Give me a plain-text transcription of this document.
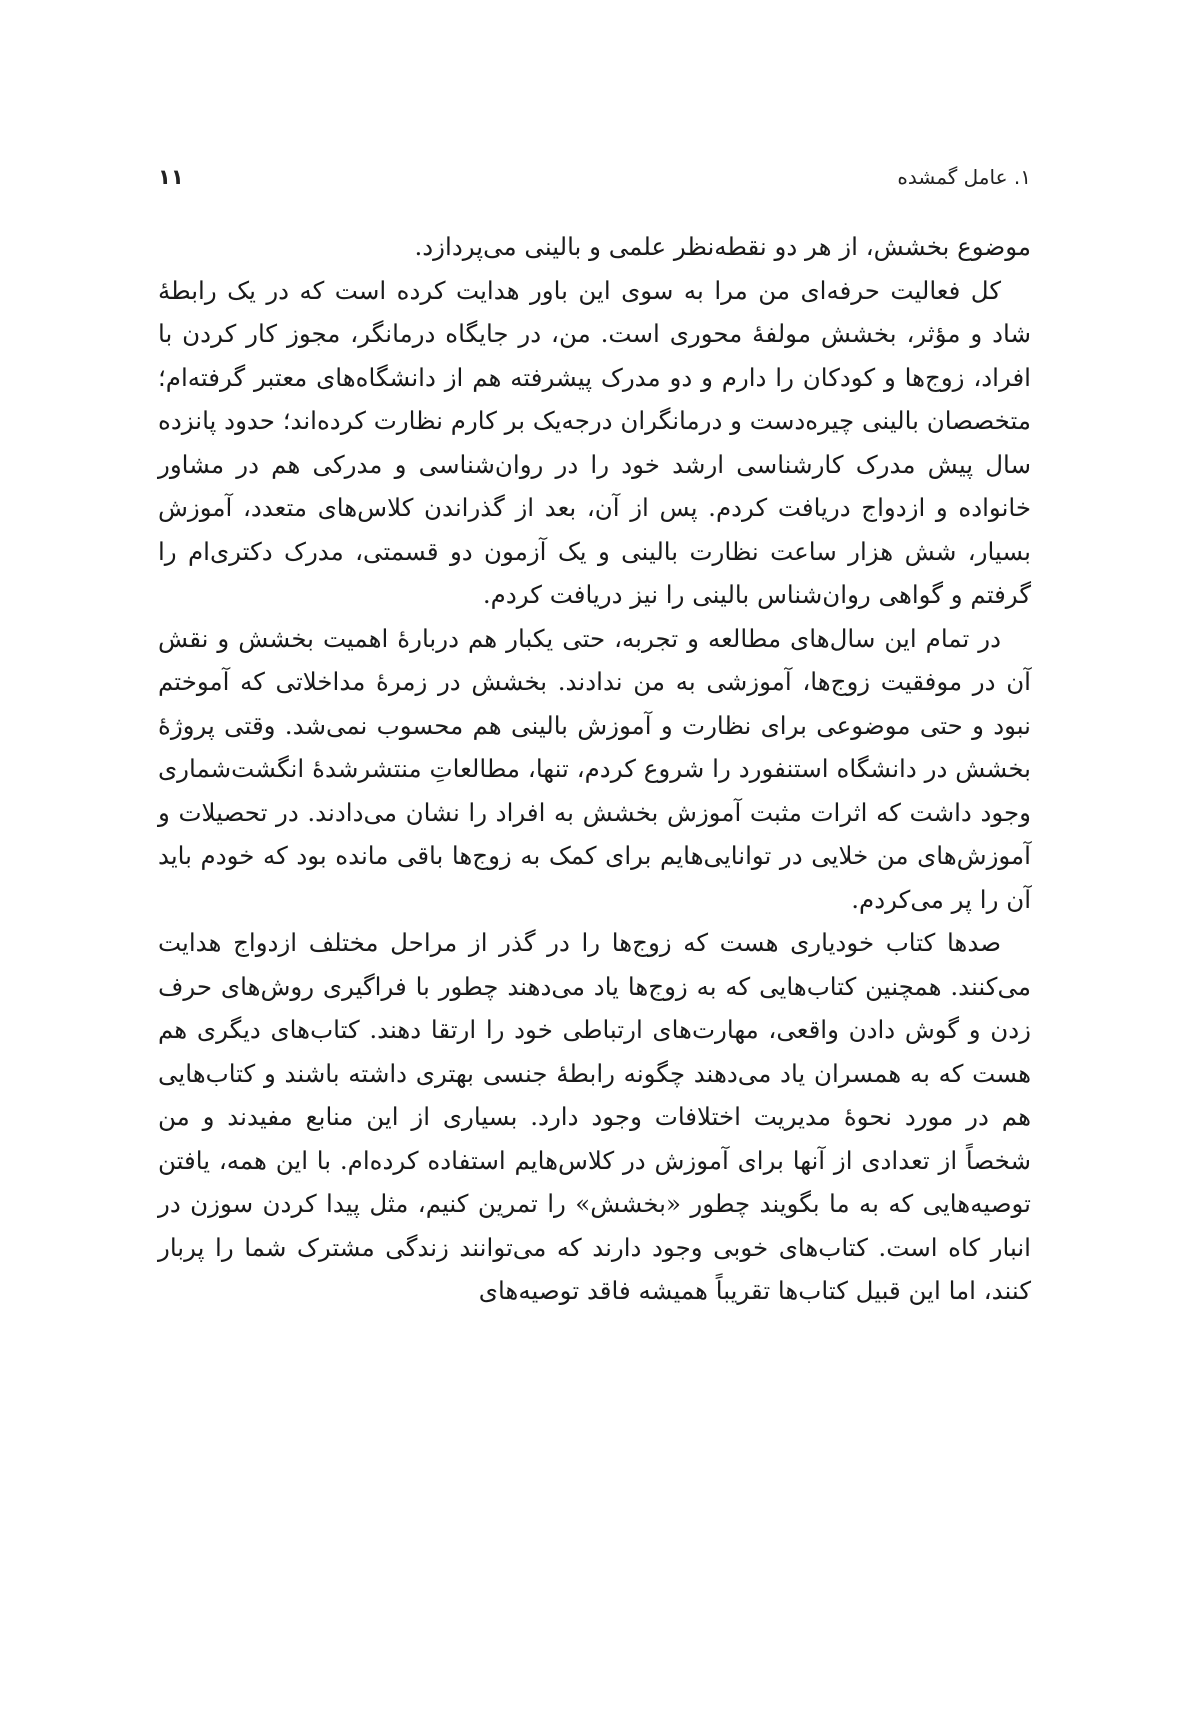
۱. عامل گمشده
۱۱

موضوع بخشش، از هر دو نقطه‌نظر علمی و بالینی می‌پردازد.

کل فعالیت حرفه‌ای من مرا به سوی این باور هدایت کرده است که در یک رابطهٔ شاد و مؤثر، بخشش مولفهٔ محوری است. من، در جایگاه درمانگر، مجوز کار کردن با افراد، زوج‌ها و کودکان را دارم و دو مدرک پیشرفته هم از دانشگاه‌های معتبر گرفته‌ام؛ متخصصان بالینی چیره‌دست و درمانگران درجه‌یک بر کارم نظارت کرده‌اند؛ حدود پانزده سال پیش مدرک کارشناسی ارشد خود را در روان‌شناسی و مدرکی هم در مشاور خانواده و ازدواج دریافت کردم. پس از آن، بعد از گذراندن کلاس‌های متعدد، آموزش بسیار، شش هزار ساعت نظارت بالینی و یک آزمون دو قسمتی، مدرک دکتری‌ام را گرفتم و گواهی روان‌شناس بالینی را نیز دریافت کردم.

در تمام این سال‌های مطالعه و تجربه، حتی یکبار هم دربارهٔ اهمیت بخشش و نقش آن در موفقیت زوج‌ها، آموزشی به من ندادند. بخشش در زمرهٔ مداخلاتی که آموختم نبود و حتی موضوعی برای نظارت و آموزش بالینی هم محسوب نمی‌شد. وقتی پروژهٔ بخشش در دانشگاه استنفورد را شروع کردم، تنها، مطالعاتِ منتشرشدهٔ انگشت‌شماری وجود داشت که اثرات مثبت آموزش بخشش به افراد را نشان می‌دادند. در تحصیلات و آموزش‌های من خلایی در توانایی‌هایم برای کمک به زوج‌ها باقی مانده بود که خودم باید آن را پر می‌کردم.

صدها کتاب خودیاری هست که زوج‌ها را در گذر از مراحل مختلف ازدواج هدایت می‌کنند. همچنین کتاب‌هایی که به زوج‌ها یاد می‌دهند چطور با فراگیری روش‌های حرف زدن و گوش دادن واقعی، مهارت‌های ارتباطی خود را ارتقا دهند. کتاب‌های دیگری هم هست که به همسران یاد می‌دهند چگونه رابطهٔ جنسی بهتری داشته باشند و کتاب‌هایی هم در مورد نحوهٔ مدیریت اختلافات وجود دارد. بسیاری از این منابع مفیدند و من شخصاً از تعدادی از آنها برای آموزش در کلاس‌هایم استفاده کرده‌ام. با این همه، یافتن توصیه‌هایی که به ما بگویند چطور «بخشش» را تمرین کنیم، مثل پیدا کردن سوزن در انبار کاه است. کتاب‌های خوبی وجود دارند که می‌توانند زندگی مشترک شما را پربار کنند، اما این قبیل کتاب‌ها تقریباً همیشه فاقد توصیه‌های
